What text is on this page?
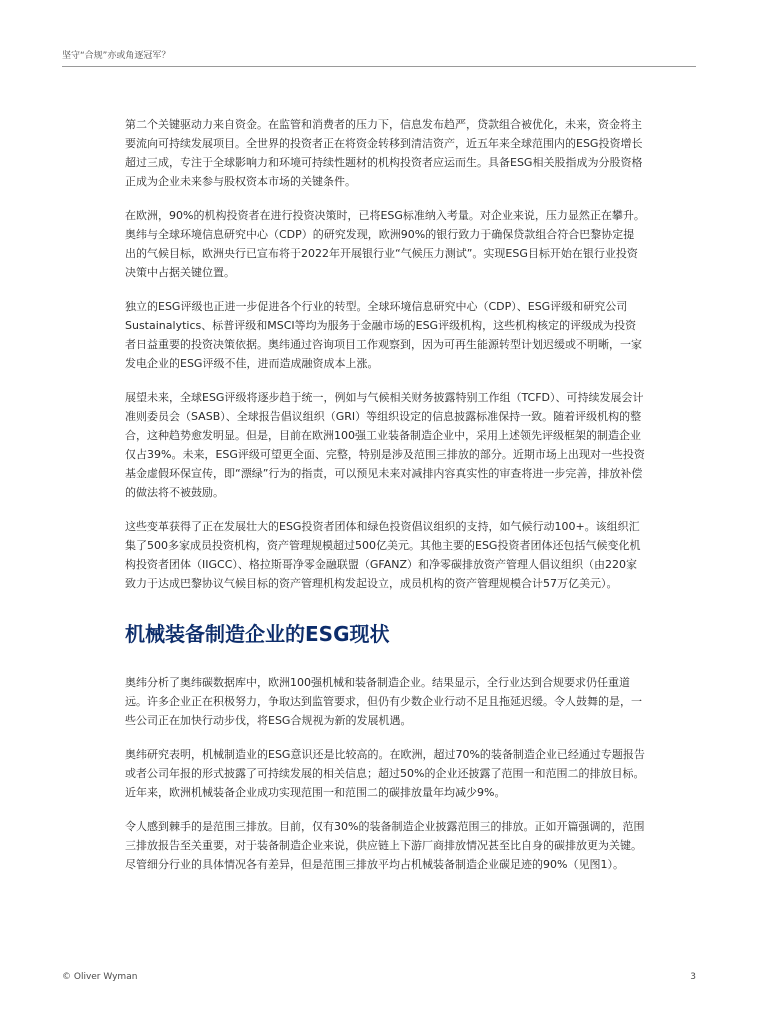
坚守“合规”亦或角逐冠军？

第二个关键驱动力来自资金。在监管和消费者的压力下，信息发布趋严，贷款组合被优化，未来，资金将主要流向可持续发展项目。全世界的投资者正在将资金转移到清洁资产，近五年来全球范围内的ESG投资增长超过三成，专注于全球影响力和环境可持续性题材的机构投资者应运而生。具备ESG相关股指成为分股资格正成为企业未来参与股权资本市场的关键条件。

在欧洲，90%的机构投资者在进行投资决策时，已将ESG标准纳入考量。对企业来说，压力显然正在攀升。奥纬与全球环境信息研究中心（CDP）的研究发现，欧洲90%的银行致力于确保贷款组合符合巴黎协定提出的气候目标，欧洲央行已宣布将于2022年开展银行业“气候压力测试”。实现ESG目标开始在银行业投资决策中占据关键位置。

独立的ESG评级也正进一步促进各个行业的转型。全球环境信息研究中心（CDP）、ESG评级和研究公司Sustainalytics、标普评级和MSCI等均为服务于金融市场的ESG评级机构，这些机构核定的评级成为投资者日益重要的投资决策依据。奥纬通过咨询项目工作观察到，因为可再生能源转型计划迟缓或不明晰，一家发电企业的ESG评级不佳，进而造成融资成本上涨。

展望未来，全球ESG评级将逐步趋于统一，例如与气候相关财务披露特别工作组（TCFD）、可持续发展会计准则委员会（SASB）、全球报告倡议组织（GRI）等组织设定的信息披露标准保持一致。随着评级机构的整合，这种趋势愈发明显。但是，目前在欧洲100强工业装备制造企业中，采用上述领先评级框架的制造企业仅占39%。未来，ESG评级可望更全面、完整，特别是涉及范围三排放的部分。近期市场上出现对一些投资基金虚假环保宣传，即“漂绿”行为的指责，可以预见未来对减排内容真实性的审查将进一步完善，排放补偿的做法将不被鼓励。

这些变革获得了正在发展壮大的ESG投资者团体和绿色投资倡议组织的支持，如气候行动100+。该组织汇集了500多家成员投资机构，资产管理规模超过500亿美元。其他主要的ESG投资者团体还包括气候变化机构投资者团体（IIGCC）、格拉斯哥净零金融联盟（GFANZ）和净零碳排放资产管理人倡议组织（由220家致力于达成巴黎协议气候目标的资产管理机构发起设立，成员机构的资产管理规模合计57万亿美元）。

机械装备制造企业的ESG现状

奥纬分析了奥纬碳数据库中，欧洲100强机械和装备制造企业。结果显示，全行业达到合规要求仍任重道远。许多企业正在积极努力，争取达到监管要求，但仍有少数企业行动不足且拖延迟缓。令人鼓舞的是，一些公司正在加快行动步伐，将ESG合规视为新的发展机遇。

奥纬研究表明，机械制造业的ESG意识还是比较高的。在欧洲，超过70%的装备制造企业已经通过专题报告或者公司年报的形式披露了可持续发展的相关信息；超过50%的企业还披露了范围一和范围二的排放目标。近年来，欧洲机械装备企业成功实现范围一和范围二的碳排放量年均减少9%。

令人感到棘手的是范围三排放。目前，仅有30%的装备制造企业披露范围三的排放。正如开篇强调的，范围三排放报告至关重要，对于装备制造企业来说，供应链上下游厂商排放情况甚至比自身的碳排放更为关键。尽管细分行业的具体情况各有差异，但是范围三排放平均占机械装备制造企业碳足迹的90%（见图1）。

© Oliver Wyman	3
